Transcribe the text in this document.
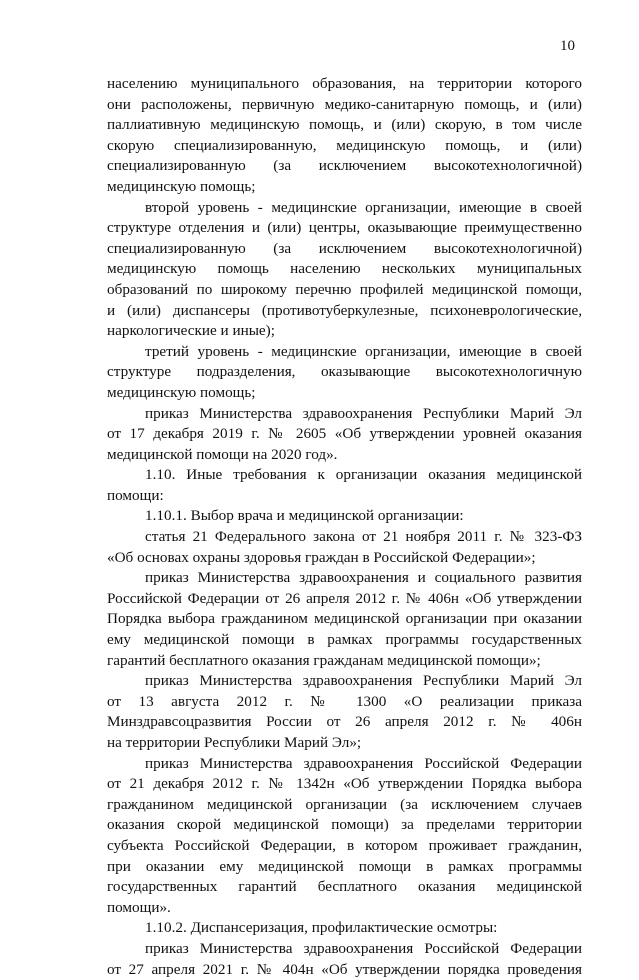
10
населению муниципального образования, на территории которого
они расположены, первичную медико-санитарную помощь, и (или)
паллиативную медицинскую помощь, и (или) скорую, в том числе
скорую специализированную, медицинскую помощь, и (или)
специализированную (за исключением высокотехнологичной)
медицинскую помощь;
второй уровень - медицинские организации, имеющие в своей
структуре отделения и (или) центры, оказывающие преимущественно
специализированную (за исключением высокотехнологичной)
медицинскую помощь населению нескольких муниципальных
образований по широкому перечню профилей медицинской помощи,
и (или) диспансеры (противотуберкулезные, психоневрологические,
наркологические и иные);
третий уровень - медицинские организации, имеющие в своей
структуре подразделения, оказывающие высокотехнологичную
медицинскую помощь;
приказ Министерства здравоохранения Республики Марий Эл
от 17 декабря 2019 г. № 2605 «Об утверждении уровней оказания
медицинской помощи на 2020 год».
1.10. Иные требования к организации оказания медицинской
помощи:
1.10.1. Выбор врача и медицинской организации:
статья 21 Федерального закона от 21 ноября 2011 г. № 323-ФЗ
«Об основах охраны здоровья граждан в Российской Федерации»;
приказ Министерства здравоохранения и социального развития
Российской Федерации от 26 апреля 2012 г. № 406н «Об утверждении
Порядка выбора гражданином медицинской организации при оказании
ему медицинской помощи в рамках программы государственных
гарантий бесплатного оказания гражданам медицинской помощи»;
приказ Министерства здравоохранения Республики Марий Эл
от 13 августа 2012 г. № 1300 «О реализации приказа
Минздравсоцразвития России от 26 апреля 2012 г. № 406н
на территории Республики Марий Эл»;
приказ Министерства здравоохранения Российской Федерации
от 21 декабря 2012 г. № 1342н «Об утверждении Порядка выбора
гражданином медицинской организации (за исключением случаев
оказания скорой медицинской помощи) за пределами территории
субъекта Российской Федерации, в котором проживает гражданин,
при оказании ему медицинской помощи в рамках программы
государственных гарантий бесплатного оказания медицинской
помощи».
1.10.2. Диспансеризация, профилактические осмотры:
приказ Министерства здравоохранения Российской Федерации
от 27 апреля 2021 г. № 404н «Об утверждении порядка проведения
